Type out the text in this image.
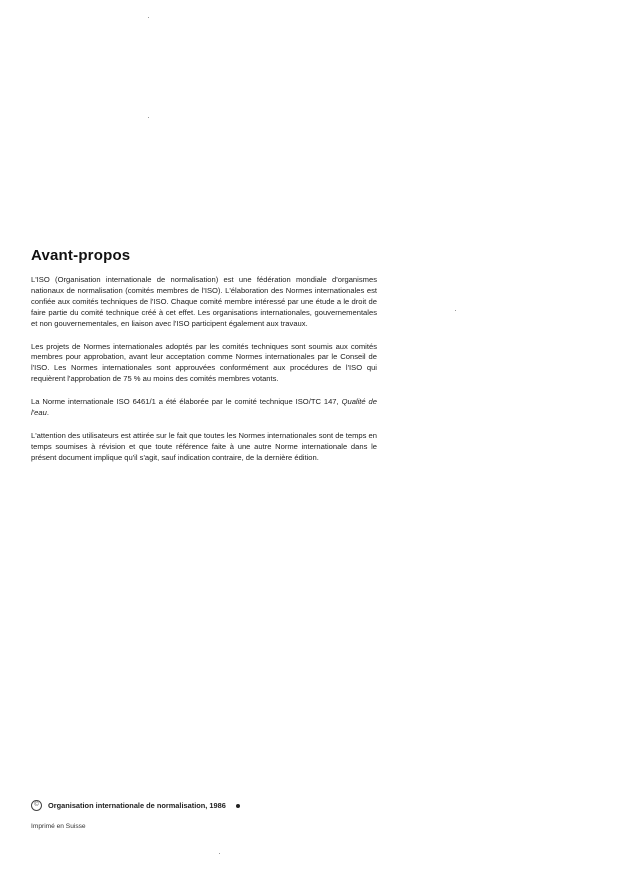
Avant-propos

L'ISO (Organisation internationale de normalisation) est une fédération mondiale d'organismes nationaux de normalisation (comités membres de l'ISO). L'élaboration des Normes internationales est confiée aux comités techniques de l'ISO. Chaque comité membre intéressé par une étude a le droit de faire partie du comité technique créé à cet effet. Les organisations internationales, gouvernementales et non gouvernementales, en liaison avec l'ISO participent également aux travaux.

Les projets de Normes internationales adoptés par les comités techniques sont soumis aux comités membres pour approbation, avant leur acceptation comme Normes internationales par le Conseil de l'ISO. Les Normes internationales sont approuvées conformément aux procédures de l'ISO qui requièrent l'approbation de 75 % au moins des comités membres votants.

La Norme internationale ISO 6461/1 a été élaborée par le comité technique ISO/TC 147, Qualité de l'eau.

L'attention des utilisateurs est attirée sur le fait que toutes les Normes internationales sont de temps en temps soumises à révision et que toute référence faite à une autre Norme internationale dans le présent document implique qu'il s'agit, sauf indication contraire, de la dernière édition.

©	Organisation internationale de normalisation, 1986
Imprimé en Suisse
